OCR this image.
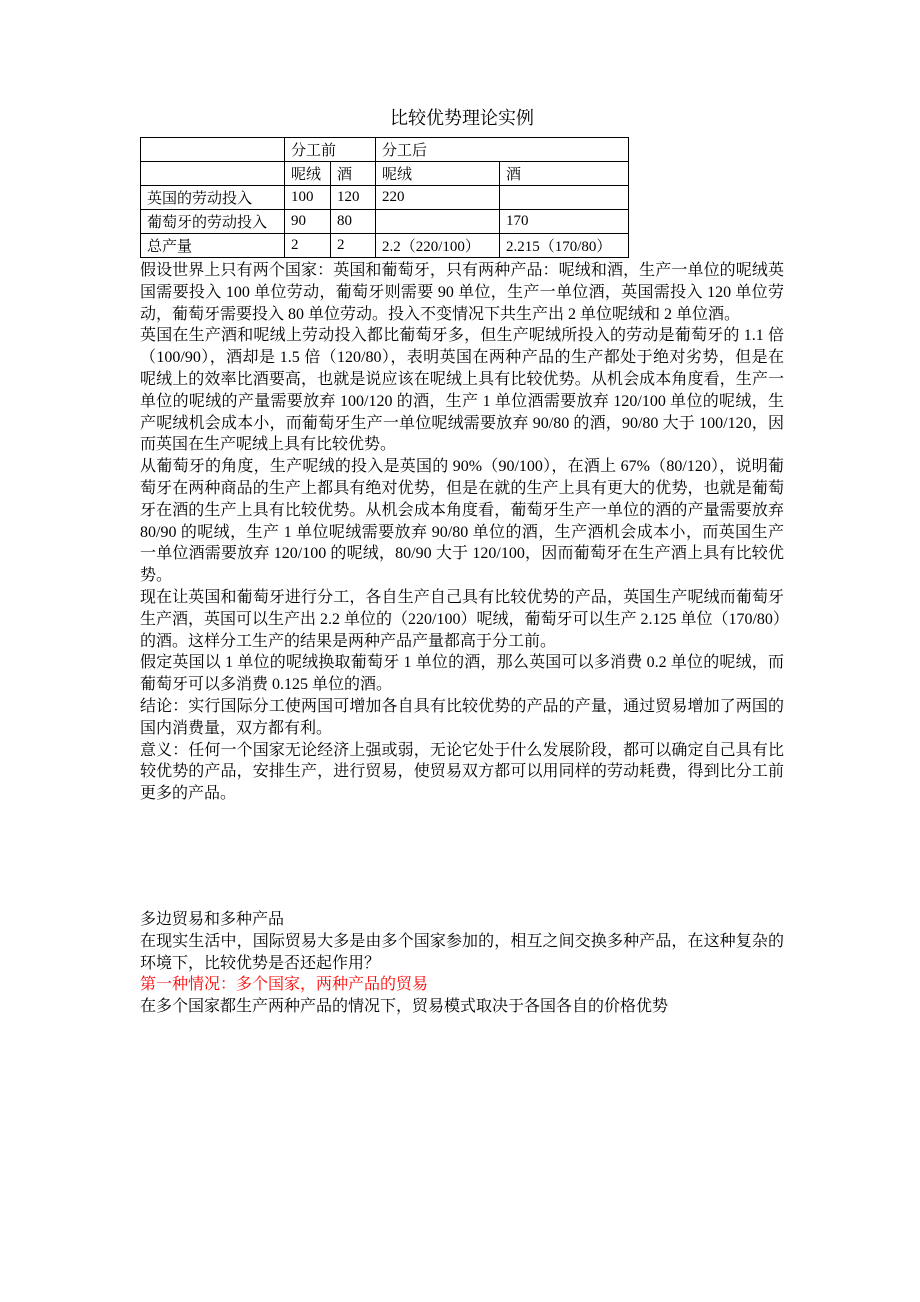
比较优势理论实例
	分工前		分工后	
	呢绒	酒	呢绒	酒
英国的劳动投入	100	120	220	
葡萄牙的劳动投入	90	80		170
总产量	2	2	2.2（220/100）	2.215（170/80）

假设世界上只有两个国家：英国和葡萄牙，只有两种产品：呢绒和酒，生产一单位的呢绒英国需要投入 100 单位劳动，葡萄牙则需要 90 单位，生产一单位酒，英国需投入 120 单位劳动，葡萄牙需要投入 80 单位劳动。投入不变情况下共生产出 2 单位呢绒和 2 单位酒。

英国在生产酒和呢绒上劳动投入都比葡萄牙多，但生产呢绒所投入的劳动是葡萄牙的 1.1 倍（100/90），酒却是 1.5 倍（120/80），表明英国在两种产品的生产都处于绝对劣势，但是在呢绒上的效率比酒要高，也就是说应该在呢绒上具有比较优势。从机会成本角度看，生产一单位的呢绒的产量需要放弃 100/120 的酒，生产 1 单位酒需要放弃 120/100 单位的呢绒，生产呢绒机会成本小，而葡萄牙生产一单位呢绒需要放弃 90/80 的酒，90/80 大于 100/120，因而英国在生产呢绒上具有比较优势。

从葡萄牙的角度，生产呢绒的投入是英国的 90%（90/100），在酒上 67%（80/120），说明葡萄牙在两种商品的生产上都具有绝对优势，但是在就的生产上具有更大的优势，也就是葡萄牙在酒的生产上具有比较优势。从机会成本角度看，葡萄牙生产一单位的酒的产量需要放弃 80/90 的呢绒，生产 1 单位呢绒需要放弃 90/80 单位的酒，生产酒机会成本小，而英国生产一单位酒需要放弃 120/100 的呢绒，80/90 大于 120/100，因而葡萄牙在生产酒上具有比较优势。

现在让英国和葡萄牙进行分工，各自生产自己具有比较优势的产品，英国生产呢绒而葡萄牙生产酒，英国可以生产出 2.2 单位的（220/100）呢绒，葡萄牙可以生产 2.125 单位（170/80）

的酒。这样分工生产的结果是两种产品产量都高于分工前。

假定英国以 1 单位的呢绒换取葡萄牙 1 单位的酒，那么英国可以多消费 0.2 单位的呢绒，而葡萄牙可以多消费 0.125 单位的酒。

结论：实行国际分工使两国可增加各自具有比较优势的产品的产量，通过贸易增加了两国的国内消费量，双方都有利。

意义：任何一个国家无论经济上强或弱，无论它处于什么发展阶段，都可以确定自己具有比较优势的产品，安排生产，进行贸易，使贸易双方都可以用同样的劳动耗费，得到比分工前更多的产品。

多边贸易和多种产品

在现实生活中，国际贸易大多是由多个国家参加的，相互之间交换多种产品，在这种复杂的环境下，比较优势是否还起作用？

第一种情况：多个国家，两种产品的贸易

在多个国家都生产两种产品的情况下，贸易模式取决于各国各自的价格优势
